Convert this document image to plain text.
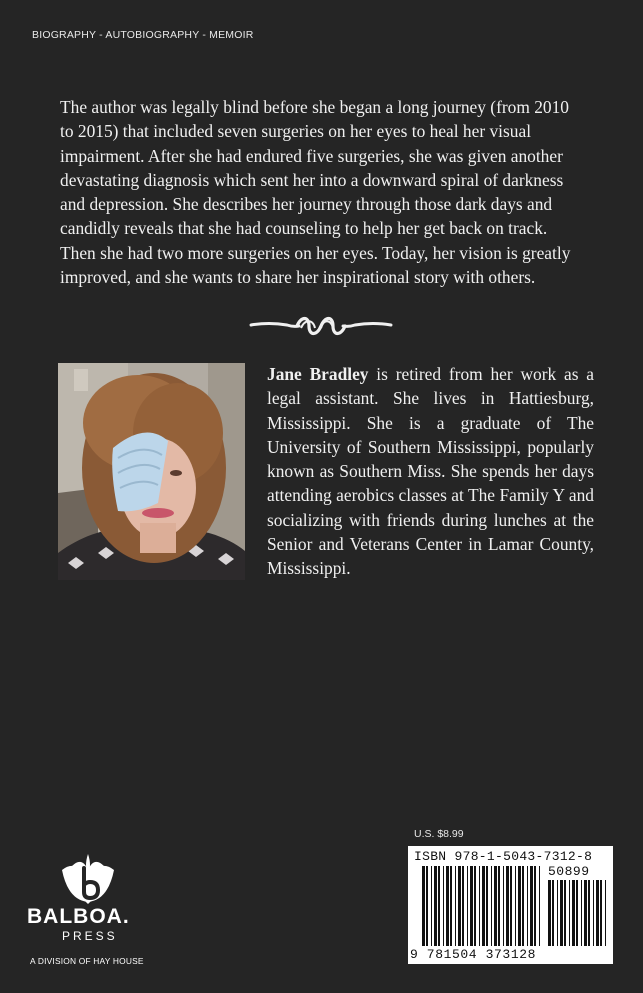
BIOGRAPHY - AUTOBIOGRAPHY - MEMOIR
The author was legally blind before she began a long journey (from 2010
to 2015) that included seven surgeries on her eyes to heal her visual
impairment. After she had endured five surgeries, she was given another
devastating diagnosis which sent her into a downward spiral of darkness
and depression. She describes her journey through those dark days and
candidly reveals that she had counseling to help her get back on track.
Then she had two more surgeries on her eyes. Today, her vision is greatly
improved, and she wants to share her inspirational story with others.

Jane Bradley is retired from her work as a legal assistant. She lives in Hattiesburg, Mississippi. She is a graduate of The University of Southern Mississippi, popularly known as Southern Miss. She spends her days attending aerobics classes at The Family Y and socializing with friends during lunches at the Senior and Veterans Center in Lamar County, Mississippi.

U.S. $8.99
ISBN 978-1-5043-7312-8
50899
9 781504 373128
BALBOA.
PRESS
A DIVISION OF HAY HOUSE
